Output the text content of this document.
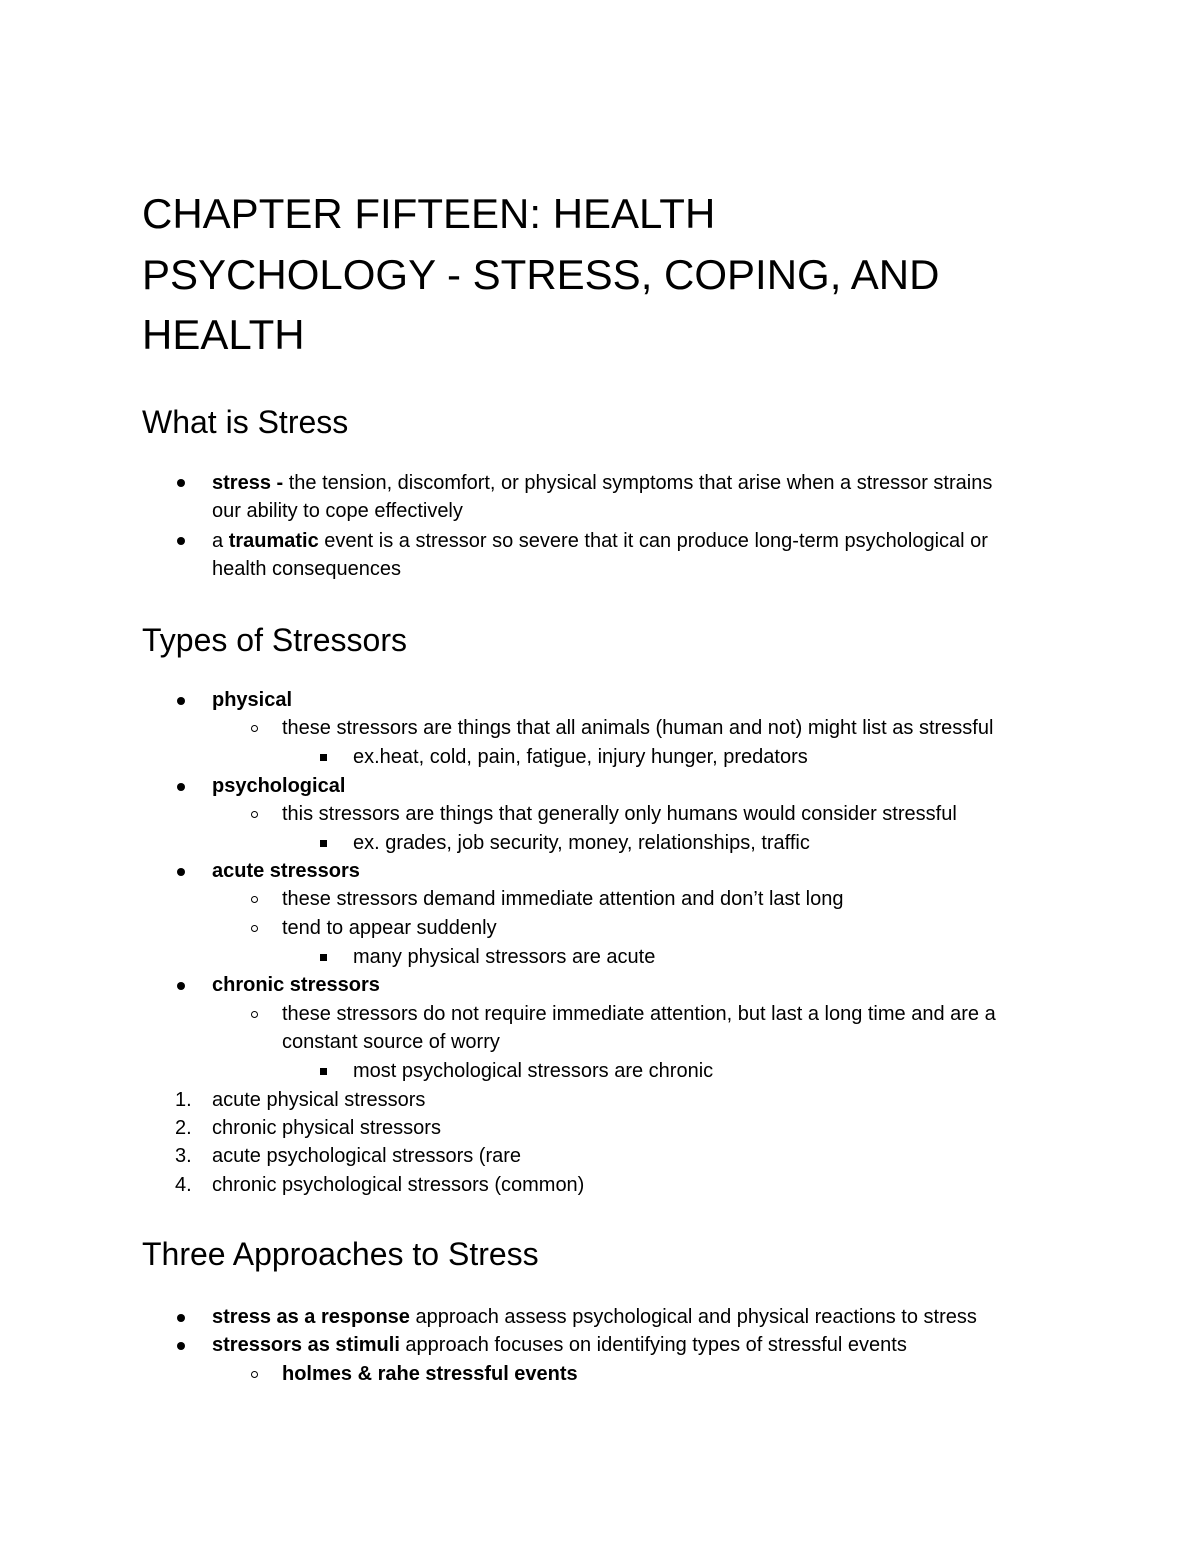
CHAPTER FIFTEEN: HEALTH
PSYCHOLOGY - STRESS, COPING, AND
HEALTH
What is Stress
stress - the tension, discomfort, or physical symptoms that arise when a stressor strains
our ability to cope effectively
a traumatic event is a stressor so severe that it can produce long-term psychological or
health consequences
Types of Stressors
physical
these stressors are things that all animals (human and not) might list as stressful
ex.heat, cold, pain, fatigue, injury hunger, predators
psychological
this stressors are things that generally only humans would consider stressful
ex. grades, job security, money, relationships, traffic
acute stressors
these stressors demand immediate attention and don’t last long
tend to appear suddenly
many physical stressors are acute
chronic stressors
these stressors do not require immediate attention, but last a long time and are a
constant source of worry
most psychological stressors are chronic
1. acute physical stressors
2. chronic physical stressors
3. acute psychological stressors (rare
4. chronic psychological stressors (common)
Three Approaches to Stress
stress as a response approach assess psychological and physical reactions to stress
stressors as stimuli approach focuses on identifying types of stressful events
holmes & rahe stressful events
